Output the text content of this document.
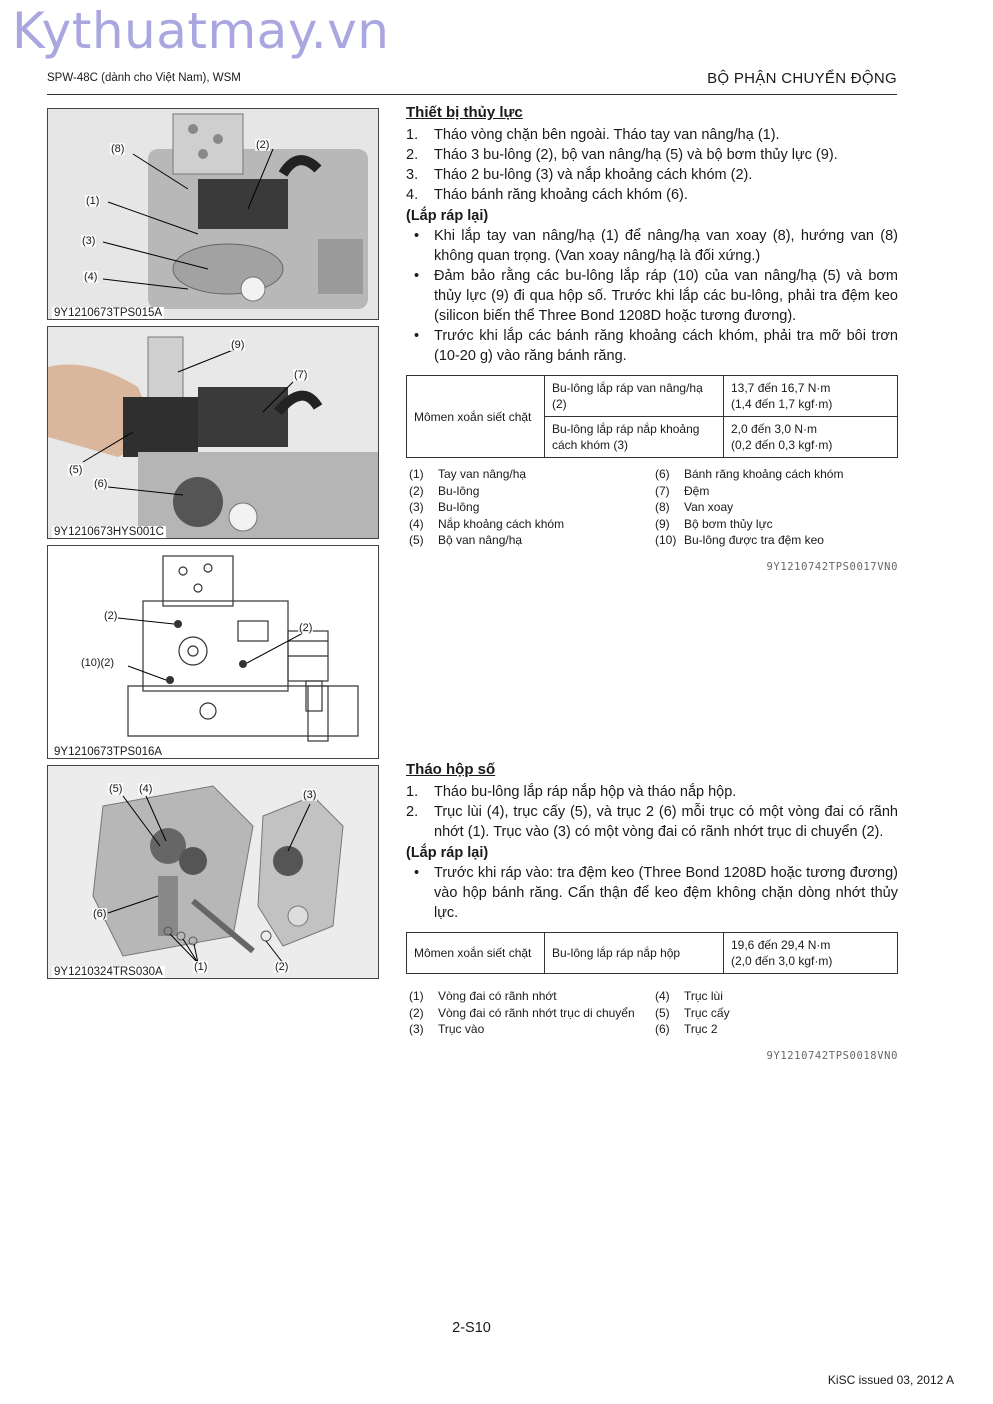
Kythuatmay.vn
SPW-48C (dành cho Việt Nam), WSM	BỘ PHẬN CHUYỂN ĐỘNG
(8)	(2)
(1)
(3)
(4)
9Y1210673TPS015A
(9)
(7)
(5)
(6)
9Y1210673HYS001C
(2)
(2)
(10)(2)
9Y1210673TPS016A
(5) (4)	(3)
(6)
(1)	(2)
9Y1210324TRS030A
Thiết bị thủy lực
1. Tháo vòng chặn bên ngoài. Tháo tay van nâng/hạ (1).
2. Tháo 3 bu-lông (2), bộ van nâng/hạ (5) và bộ bơm thủy lực (9).
3. Tháo 2 bu-lông (3) và nắp khoảng cách khóm (2).
4. Tháo bánh răng khoảng cách khóm (6).
(Lắp ráp lại)
• Khi lắp tay van nâng/hạ (1) để nâng/hạ van xoay (8), hướng van (8) không quan trọng. (Van xoay nâng/hạ là đối xứng.)
• Đảm bảo rằng các bu-lông lắp ráp (10) của van nâng/hạ (5) và bơm thủy lực (9) đi qua hộp số. Trước khi lắp các bu-lông, phải tra đệm keo (silicon biến thể Three Bond 1208D hoặc tương đương).
• Trước khi lắp các bánh răng khoảng cách khóm, phải tra mỡ bôi trơn (10-20 g) vào răng bánh răng.
Mômen xoắn siết chặt	Bu-lông lắp ráp van nâng/hạ (2)	13,7 đến 16,7 N·m
(1,4 đến 1,7 kgf·m)

	Bu-lông lắp ráp nắp khoảng cách khóm (3)	2,0 đến 3,0 N·m
(0,2 đến 0,3 kgf·m)
(1) Tay van nâng/hạ	(6) Bánh răng khoảng cách khóm
(2) Bu-lông	(7) Đệm
(3) Bu-lông	(8) Van xoay
(4) Nắp khoảng cách khóm	(9) Bộ bơm thủy lực
(5) Bộ van nâng/hạ	(10) Bu-lông được tra đệm keo
9Y1210742TPS0017VN0
Tháo hộp số
1. Tháo bu-lông lắp ráp nắp hộp và tháo nắp hộp.
2. Trục lùi (4), trục cấy (5), và trục 2 (6) mỗi trục có một vòng đai có rãnh nhớt (1). Trục vào (3) có một vòng đai có rãnh nhớt trục di chuyển (2).
(Lắp ráp lại)
• Trước khi ráp vào: tra đệm keo (Three Bond 1208D hoặc tương đương) vào hộp bánh răng. Cẩn thận để keo đệm không chặn dòng nhớt thủy lực.
Mômen xoắn siết chặt	Bu-lông lắp ráp nắp hộp	
19,6 đến 29,4 N·m
(2,0 đến 3,0 kgf·m)
(1) Vòng đai có rãnh nhớt	(4) Trục lùi
(2) Vòng đai có rãnh nhớt trục di chuyển	(5) Trục cấy
(3) Trục vào	(6) Trục 2
9Y1210742TPS0018VN0
2-S10
KiSC issued 03, 2012 A
